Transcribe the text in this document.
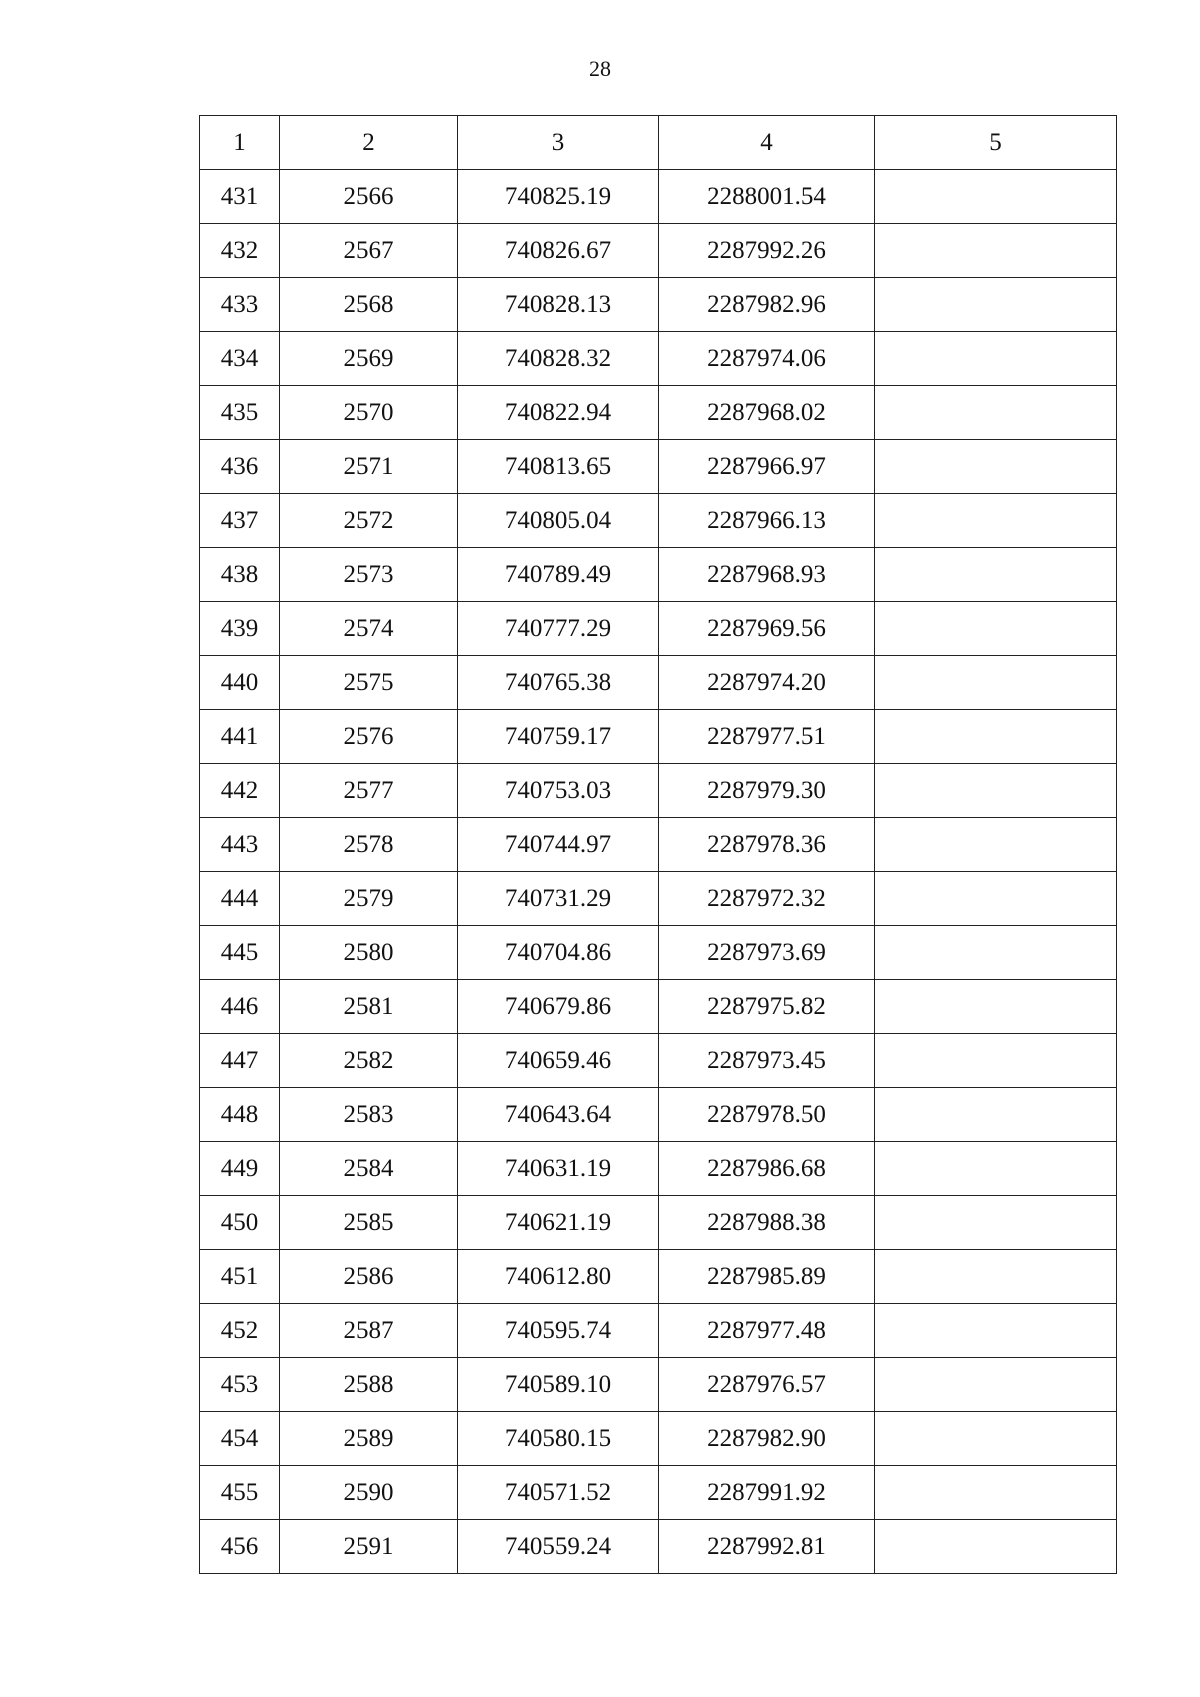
28
1	2	3	4	5
431	2566	740825.19	2288001.54	
432	2567	740826.67	2287992.26	
433	2568	740828.13	2287982.96	
434	2569	740828.32	2287974.06	
435	2570	740822.94	2287968.02	
436	2571	740813.65	2287966.97	
437	2572	740805.04	2287966.13	
438	2573	740789.49	2287968.93	
439	2574	740777.29	2287969.56	
440	2575	740765.38	2287974.20	
441	2576	740759.17	2287977.51	
442	2577	740753.03	2287979.30	
443	2578	740744.97	2287978.36	
444	2579	740731.29	2287972.32	
445	2580	740704.86	2287973.69	
446	2581	740679.86	2287975.82	
447	2582	740659.46	2287973.45	
448	2583	740643.64	2287978.50	
449	2584	740631.19	2287986.68	
450	2585	740621.19	2287988.38	
451	2586	740612.80	2287985.89	
452	2587	740595.74	2287977.48	
453	2588	740589.10	2287976.57	
454	2589	740580.15	2287982.90	
455	2590	740571.52	2287991.92	
456	2591	740559.24	2287992.81	
